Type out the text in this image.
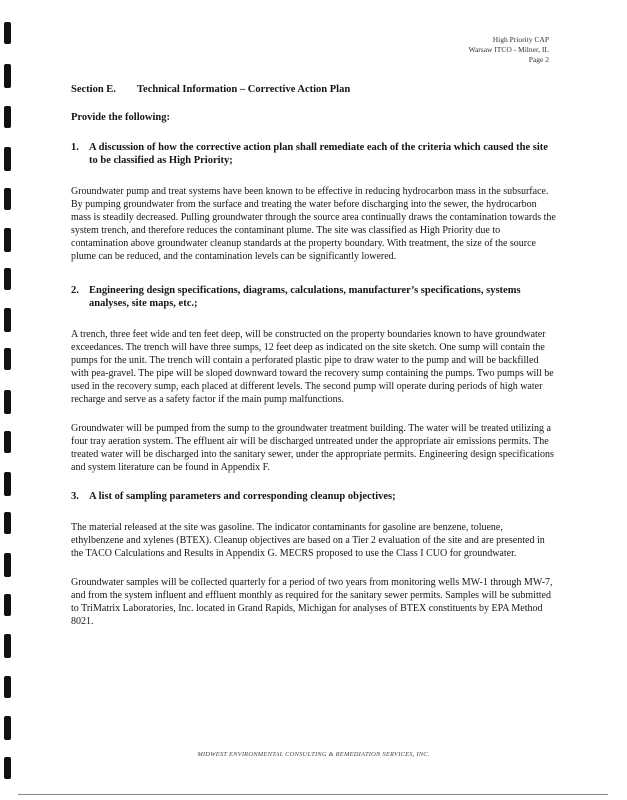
High Priority CAP
Warsaw ITCO - Milner, IL
Page 2
Section E. Technical Information – Corrective Action Plan
Provide the following:
1. A discussion of how the corrective action plan shall remediate each of the criteria which caused the site to be classified as High Priority;

Groundwater pump and treat systems have been known to be effective in reducing hydrocarbon mass in the subsurface. By pumping groundwater from the surface and treating the water before discharging into the sewer, the hydrocarbon mass is steadily decreased. Pulling groundwater through the source area continually draws the contamination towards the system trench, and therefore reduces the contaminant plume. The site was classified as High Priority due to contamination above groundwater cleanup standards at the property boundary. With treatment, the size of the source plume can be reduced, and the contamination levels can be significantly lowered.

2. Engineering design specifications, diagrams, calculations, manufacturer’s specifications, systems analyses, site maps, etc.;

A trench, three feet wide and ten feet deep, will be constructed on the property boundaries known to have groundwater exceedances. The trench will have three sumps, 12 feet deep as indicated on the site sketch. One sump will contain the pumps for the unit. The trench will contain a perforated plastic pipe to draw water to the pump and will be backfilled with pea-gravel. The pipe will be sloped downward toward the recovery sump containing the pumps. Two pumps will be used in the recovery sump, each placed at different levels. The second pump will operate during periods of high water recharge and serve as a safety factor if the main pump malfunctions.

Groundwater will be pumped from the sump to the groundwater treatment building. The water will be treated utilizing a four tray aeration system. The effluent air will be discharged untreated under the appropriate air emissions permits. The treated water will be discharged into the sanitary sewer, under the appropriate permits. Engineering design specifications and system literature can be found in Appendix F.

3. A list of sampling parameters and corresponding cleanup objectives;

The material released at the site was gasoline. The indicator contaminants for gasoline are benzene, toluene, ethylbenzene and xylenes (BTEX). Cleanup objectives are based on a Tier 2 evaluation of the site and are presented in the TACO Calculations and Results in Appendix G. MECRS proposed to use the Class I CUO for groundwater.

Groundwater samples will be collected quarterly for a period of two years from monitoring wells MW-1 through MW-7, and from the system influent and effluent monthly as required for the sanitary sewer permits. Samples will be submitted to TriMatrix Laboratories, Inc. located in Grand Rapids, Michigan for analyses of BTEX constituents by EPA Method 8021.

MIDWEST ENVIRONMENTAL CONSULTING & REMEDIATION SERVICES, INC.
